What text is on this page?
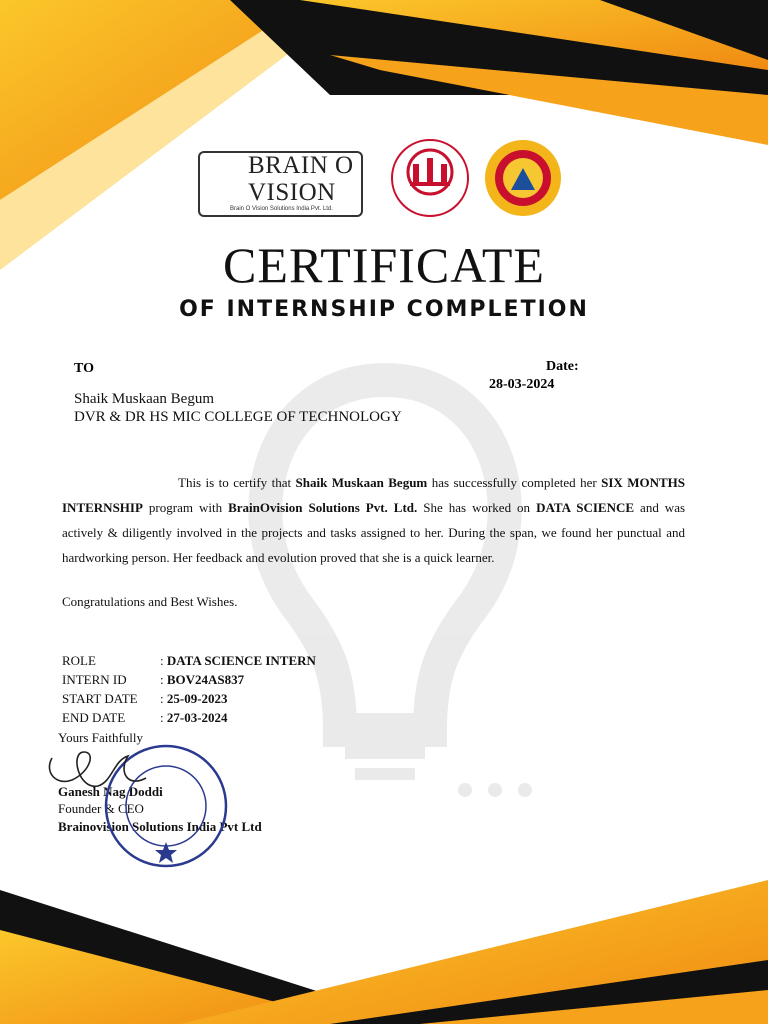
BRAIN O
VISION
Brain O Vision Solutions India Pvt. Ltd.
CERTIFICATE
OF INTERNSHIP COMPLETION
TO	Date:
28-03-2024
Shaik Muskaan Begum
DVR & DR HS MIC COLLEGE OF TECHNOLOGY
This is to certify that Shaik Muskaan Begum has successfully completed her SIX MONTHS INTERNSHIP program with BrainOvision Solutions Pvt. Ltd. She has worked on DATA SCIENCE and was actively & diligently involved in the projects and tasks assigned to her. During the span, we found her punctual and hardworking person. Her feedback and evolution proved that she is a quick learner.
Congratulations and Best Wishes.
ROLE	: DATA SCIENCE INTERN
INTERN ID	: BOV24AS837
START DATE : 25-09-2023
END DATE	: 27-03-2024
Yours Faithfully
Ganesh Nag Doddi
Founder & CEO
Brainovision Solutions India Pvt Ltd
